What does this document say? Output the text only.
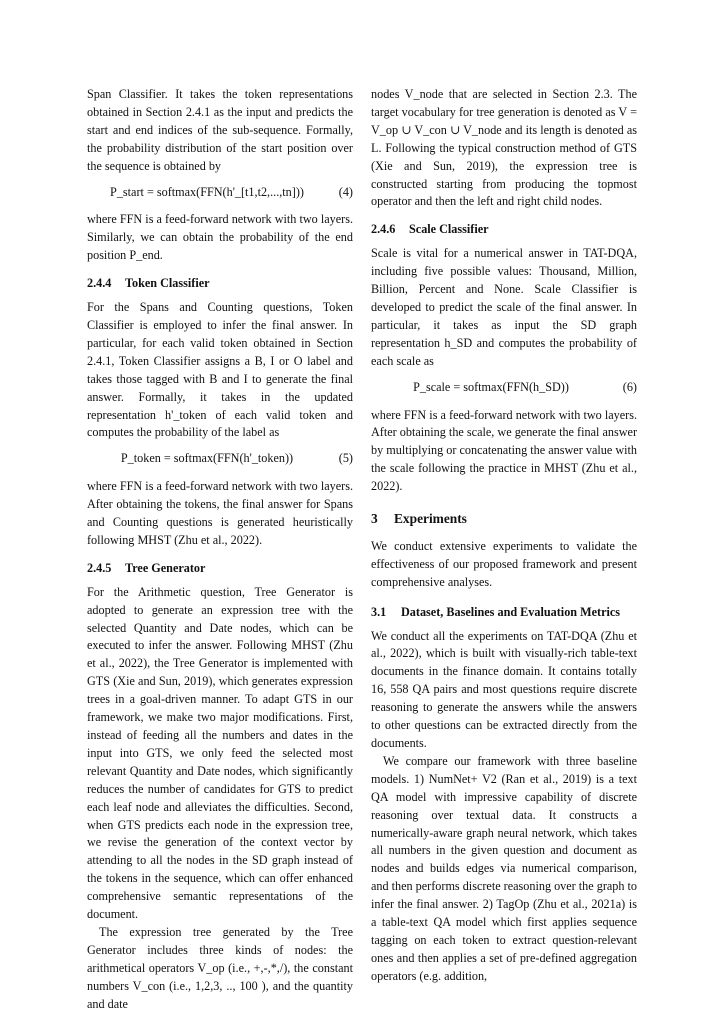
Span Classifier. It takes the token representations obtained in Section 2.4.1 as the input and predicts the start and end indices of the sub-sequence. Formally, the probability distribution of the start position over the sequence is obtained by

P_start = softmax(FFN(h'_[t1,t2,...,tn]))	(4)

where FFN is a feed-forward network with two layers. Similarly, we can obtain the probability of the end position P_end.

2.4.4 Token Classifier

For the Spans and Counting questions, Token Classifier is employed to infer the final answer. In particular, for each valid token obtained in Section 2.4.1, Token Classifier assigns a B, I or O label and takes those tagged with B and I to generate the final answer. Formally, it takes in the updated representation h'_token of each valid token and computes the probability of the label as

P_token = softmax(FFN(h'_token))	(5)

where FFN is a feed-forward network with two layers. After obtaining the tokens, the final answer for Spans and Counting questions is generated heuristically following MHST (Zhu et al., 2022).

2.4.5 Tree Generator

For the Arithmetic question, Tree Generator is adopted to generate an expression tree with the selected Quantity and Date nodes, which can be executed to infer the answer. Following MHST (Zhu et al., 2022), the Tree Generator is implemented with GTS (Xie and Sun, 2019), which generates expression trees in a goal-driven manner. To adapt GTS in our framework, we make two major modifications. First, instead of feeding all the numbers and dates in the input into GTS, we only feed the selected most relevant Quantity and Date nodes, which significantly reduces the number of candidates for GTS to predict each leaf node and alleviates the difficulties. Second, when GTS predicts each node in the expression tree, we revise the generation of the context vector by attending to all the nodes in the SD graph instead of the tokens in the sequence, which can offer enhanced comprehensive semantic representations of the document.

The expression tree generated by the Tree Generator includes three kinds of nodes: the arithmetical operators V_op (i.e., +,-,*,/), the constant numbers V_con (i.e., 1,2,3, .., 100 ), and the quantity and date

nodes V_node that are selected in Section 2.3. The target vocabulary for tree generation is denoted as V = V_op ∪ V_con ∪ V_node and its length is denoted as L. Following the typical construction method of GTS (Xie and Sun, 2019), the expression tree is constructed starting from producing the topmost operator and then the left and right child nodes.

2.4.6 Scale Classifier

Scale is vital for a numerical answer in TAT-DQA, including five possible values: Thousand, Million, Billion, Percent and None. Scale Classifier is developed to predict the scale of the final answer. In particular, it takes as input the SD graph representation h_SD and computes the probability of each scale as

P_scale = softmax(FFN(h_SD))	(6)

where FFN is a feed-forward network with two layers. After obtaining the scale, we generate the final answer by multiplying or concatenating the answer value with the scale following the practice in MHST (Zhu et al., 2022).

3 Experiments

We conduct extensive experiments to validate the effectiveness of our proposed framework and present comprehensive analyses.

3.1	Dataset, Baselines and Evaluation Metrics

We conduct all the experiments on TAT-DQA (Zhu et al., 2022), which is built with visually-rich table-text documents in the finance domain. It contains totally 16, 558 QA pairs and most questions require discrete reasoning to generate the answers while the answers to other questions can be extracted directly from the documents.

We compare our framework with three baseline models. 1) NumNet+ V2 (Ran et al., 2019) is a text QA model with impressive capability of discrete reasoning over textual data. It constructs a numerically-aware graph neural network, which takes all numbers in the given question and document as nodes and builds edges via numerical comparison, and then performs discrete reasoning over the graph to infer the final answer. 2) TagOp (Zhu et al., 2021a) is a table-text QA model which first applies sequence tagging on each token to extract question-relevant ones and then applies a set of pre-defined aggregation operators (e.g. addition,
